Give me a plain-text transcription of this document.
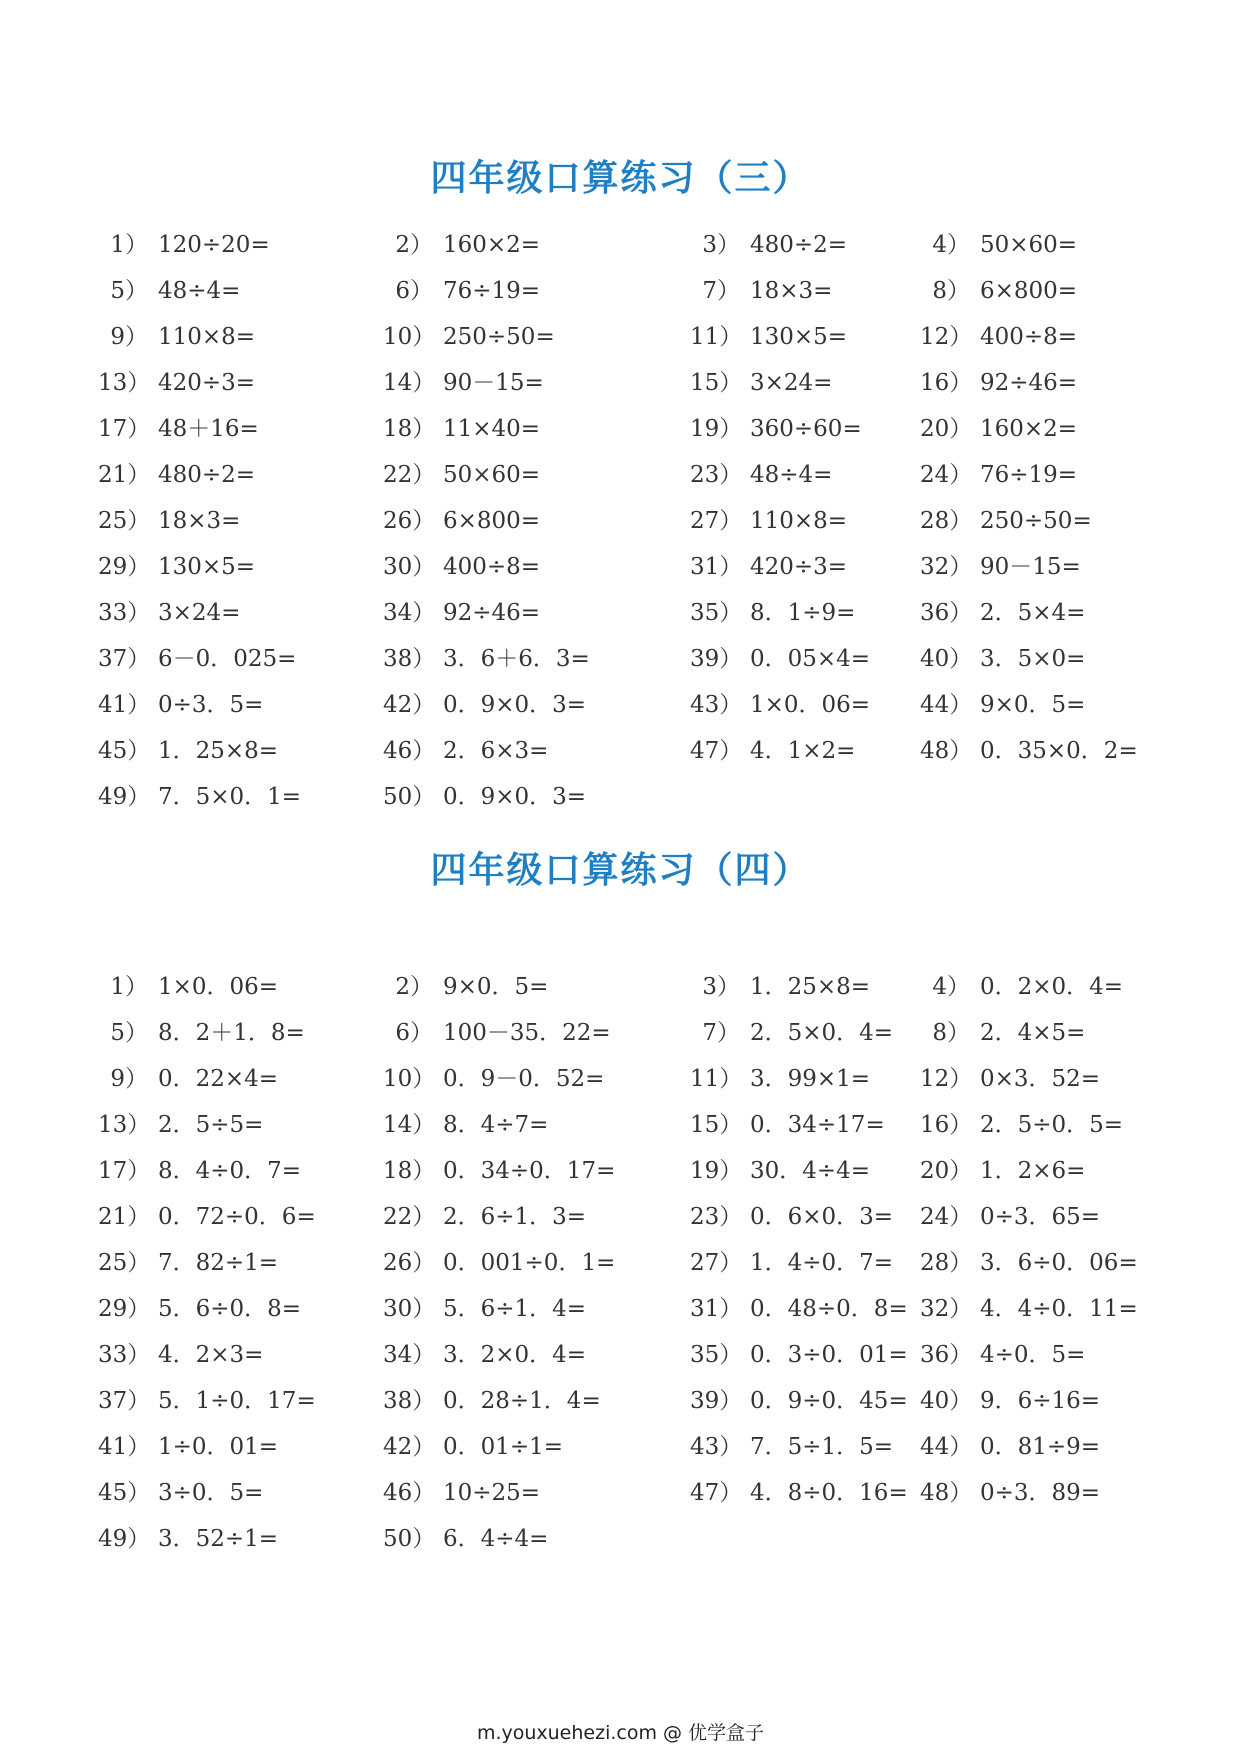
四年级口算练习（三）
1） 120÷20=	2） 160×2=	3） 480÷2=	4） 50×60=
5） 48÷4=	6） 76÷19=	7） 18×3=	8） 6×800=
9） 110×8=	10） 250÷50=	11） 130×5=	12） 400÷8=
13） 420÷3=	14） 90－15=	15） 3×24=	16） 92÷46=
17） 48＋16=	18） 11×40=	19） 360÷60=	20） 160×2=
21） 480÷2=	22） 50×60=	23） 48÷4=	24） 76÷19=
25） 18×3=	26） 6×800=	27） 110×8=	28） 250÷50=
29） 130×5=	30） 400÷8=	31） 420÷3=	32） 90－15=
33） 3×24=	34） 92÷46=	35） 8．1÷9=	36） 2．5×4=
37） 6－0．025=	38） 3．6＋6．3=	39） 0．05×4= 40） 3．5×0=
41） 0÷3．5=	42） 0．9×0．3=	43） 1×0．06= 44） 9×0．5=
45） 1．25×8=	46） 2．6×3=	47） 4．1×2=	48） 0．35×0．2=
49） 7．5×0．1=	50） 0．9×0．3=
四年级口算练习（四）
1） 1×0．06=	2） 9×0．5=	3） 1．25×8=	4） 0．2×0．4=
5） 8．2＋1．8=	6） 100－35．22=	7） 2．5×0．4=	8） 2．4×5=
9） 0．22×4=	10） 0．9－0．52=	11） 3．99×1= 12） 0×3．52=
13） 2．5÷5=	14） 8．4÷7=	15） 0．34÷17= 16） 2．5÷0．5=
17） 8．4÷0．7=	18） 0．34÷0．17=	19） 30．4÷4= 20） 1．2×6=
21） 0．72÷0．6=	22） 2．6÷1．3=	23） 0．6×0．3= 24） 0÷3．65=
25） 7．82÷1=	26） 0．001÷0．1=	27） 1．4÷0．7= 28） 3．6÷0．06=
29） 5．6÷0．8=	30） 5．6÷1．4=	31） 0．48÷0．8= 32） 4．4÷0．11=
33） 4．2×3=	34） 3．2×0．4=	35） 0．3÷0．01= 36） 4÷0．5=
37） 5．1÷0．17=	38） 0．28÷1．4=	39） 0．9÷0．45= 40） 9．6÷16=
41） 1÷0．01=	42） 0．01÷1=	43） 7．5÷1．5= 44） 0．81÷9=
45） 3÷0．5=	46） 10÷25=	47） 4．8÷0．16= 48） 0÷3．89=
49） 3．52÷1=	50） 6．4÷4=
m.youxuehezi.com @ 优学盒子
